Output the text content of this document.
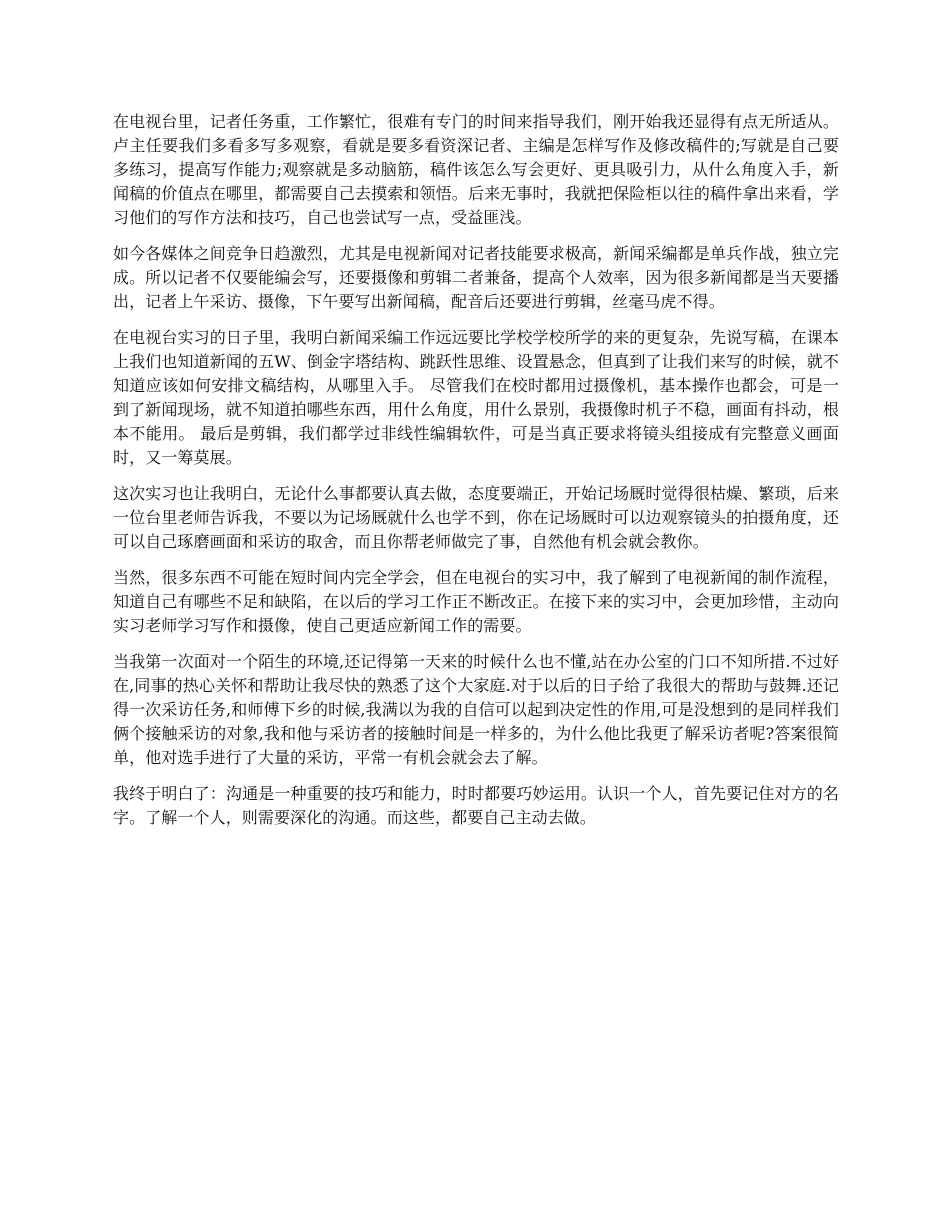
在电视台里，记者任务重，工作繁忙，很难有专门的时间来指导我们，刚开始我还显得有点无所适从。卢主任要我们多看多写多观察，看就是要多看资深记者、主编是怎样写作及修改稿件的;写就是自己要多练习，提高写作能力;观察就是多动脑筋，稿件该怎么写会更好、更具吸引力，从什么角度入手，新闻稿的价值点在哪里，都需要自己去摸索和领悟。后来无事时，我就把保险柜以往的稿件拿出来看，学习他们的写作方法和技巧，自己也尝试写一点，受益匪浅。

如今各媒体之间竞争日趋激烈，尤其是电视新闻对记者技能要求极高，新闻采编都是单兵作战，独立完成。所以记者不仅要能编会写，还要摄像和剪辑二者兼备，提高个人效率，因为很多新闻都是当天要播出，记者上午采访、摄像，下午要写出新闻稿，配音后还要进行剪辑，丝毫马虎不得。

在电视台实习的日子里，我明白新闻采编工作远远要比学校学校所学的来的更复杂，先说写稿，在课本上我们也知道新闻的五W、倒金字塔结构、跳跃性思维、设置悬念，但真到了让我们来写的时候，就不知道应该如何安排文稿结构，从哪里入手。 尽管我们在校时都用过摄像机，基本操作也都会，可是一到了新闻现场，就不知道拍哪些东西，用什么角度，用什么景别，我摄像时机子不稳，画面有抖动，根本不能用。 最后是剪辑，我们都学过非线性编辑软件，可是当真正要求将镜头组接成有完整意义画面时，又一筹莫展。

这次实习也让我明白，无论什么事都要认真去做，态度要端正，开始记场厩时觉得很枯燥、繁琐，后来一位台里老师告诉我，不要以为记场厩就什么也学不到，你在记场厩时可以边观察镜头的拍摄角度，还可以自己琢磨画面和采访的取舍，而且你帮老师做完了事，自然他有机会就会教你。

当然，很多东西不可能在短时间内完全学会，但在电视台的实习中，我了解到了电视新闻的制作流程，知道自己有哪些不足和缺陷，在以后的学习工作正不断改正。在接下来的实习中，会更加珍惜，主动向实习老师学习写作和摄像，使自己更适应新闻工作的需要。

当我第一次面对一个陌生的环境,还记得第一天来的时候什么也不懂,站在办公室的门口不知所措.不过好在,同事的热心关怀和帮助让我尽快的熟悉了这个大家庭.对于以后的日子给了我很大的帮助与鼓舞.还记得一次采访任务,和师傅下乡的时候,我满以为我的自信可以起到决定性的作用,可是没想到的是同样我们俩个接触采访的对象,我和他与采访者的接触时间是一样多的，为什么他比我更了解采访者呢?答案很简单，他对选手进行了大量的采访，平常一有机会就会去了解。

我终于明白了：沟通是一种重要的技巧和能力，时时都要巧妙运用。认识一个人，首先要记住对方的名字。了解一个人，则需要深化的沟通。而这些，都要自己主动去做。
